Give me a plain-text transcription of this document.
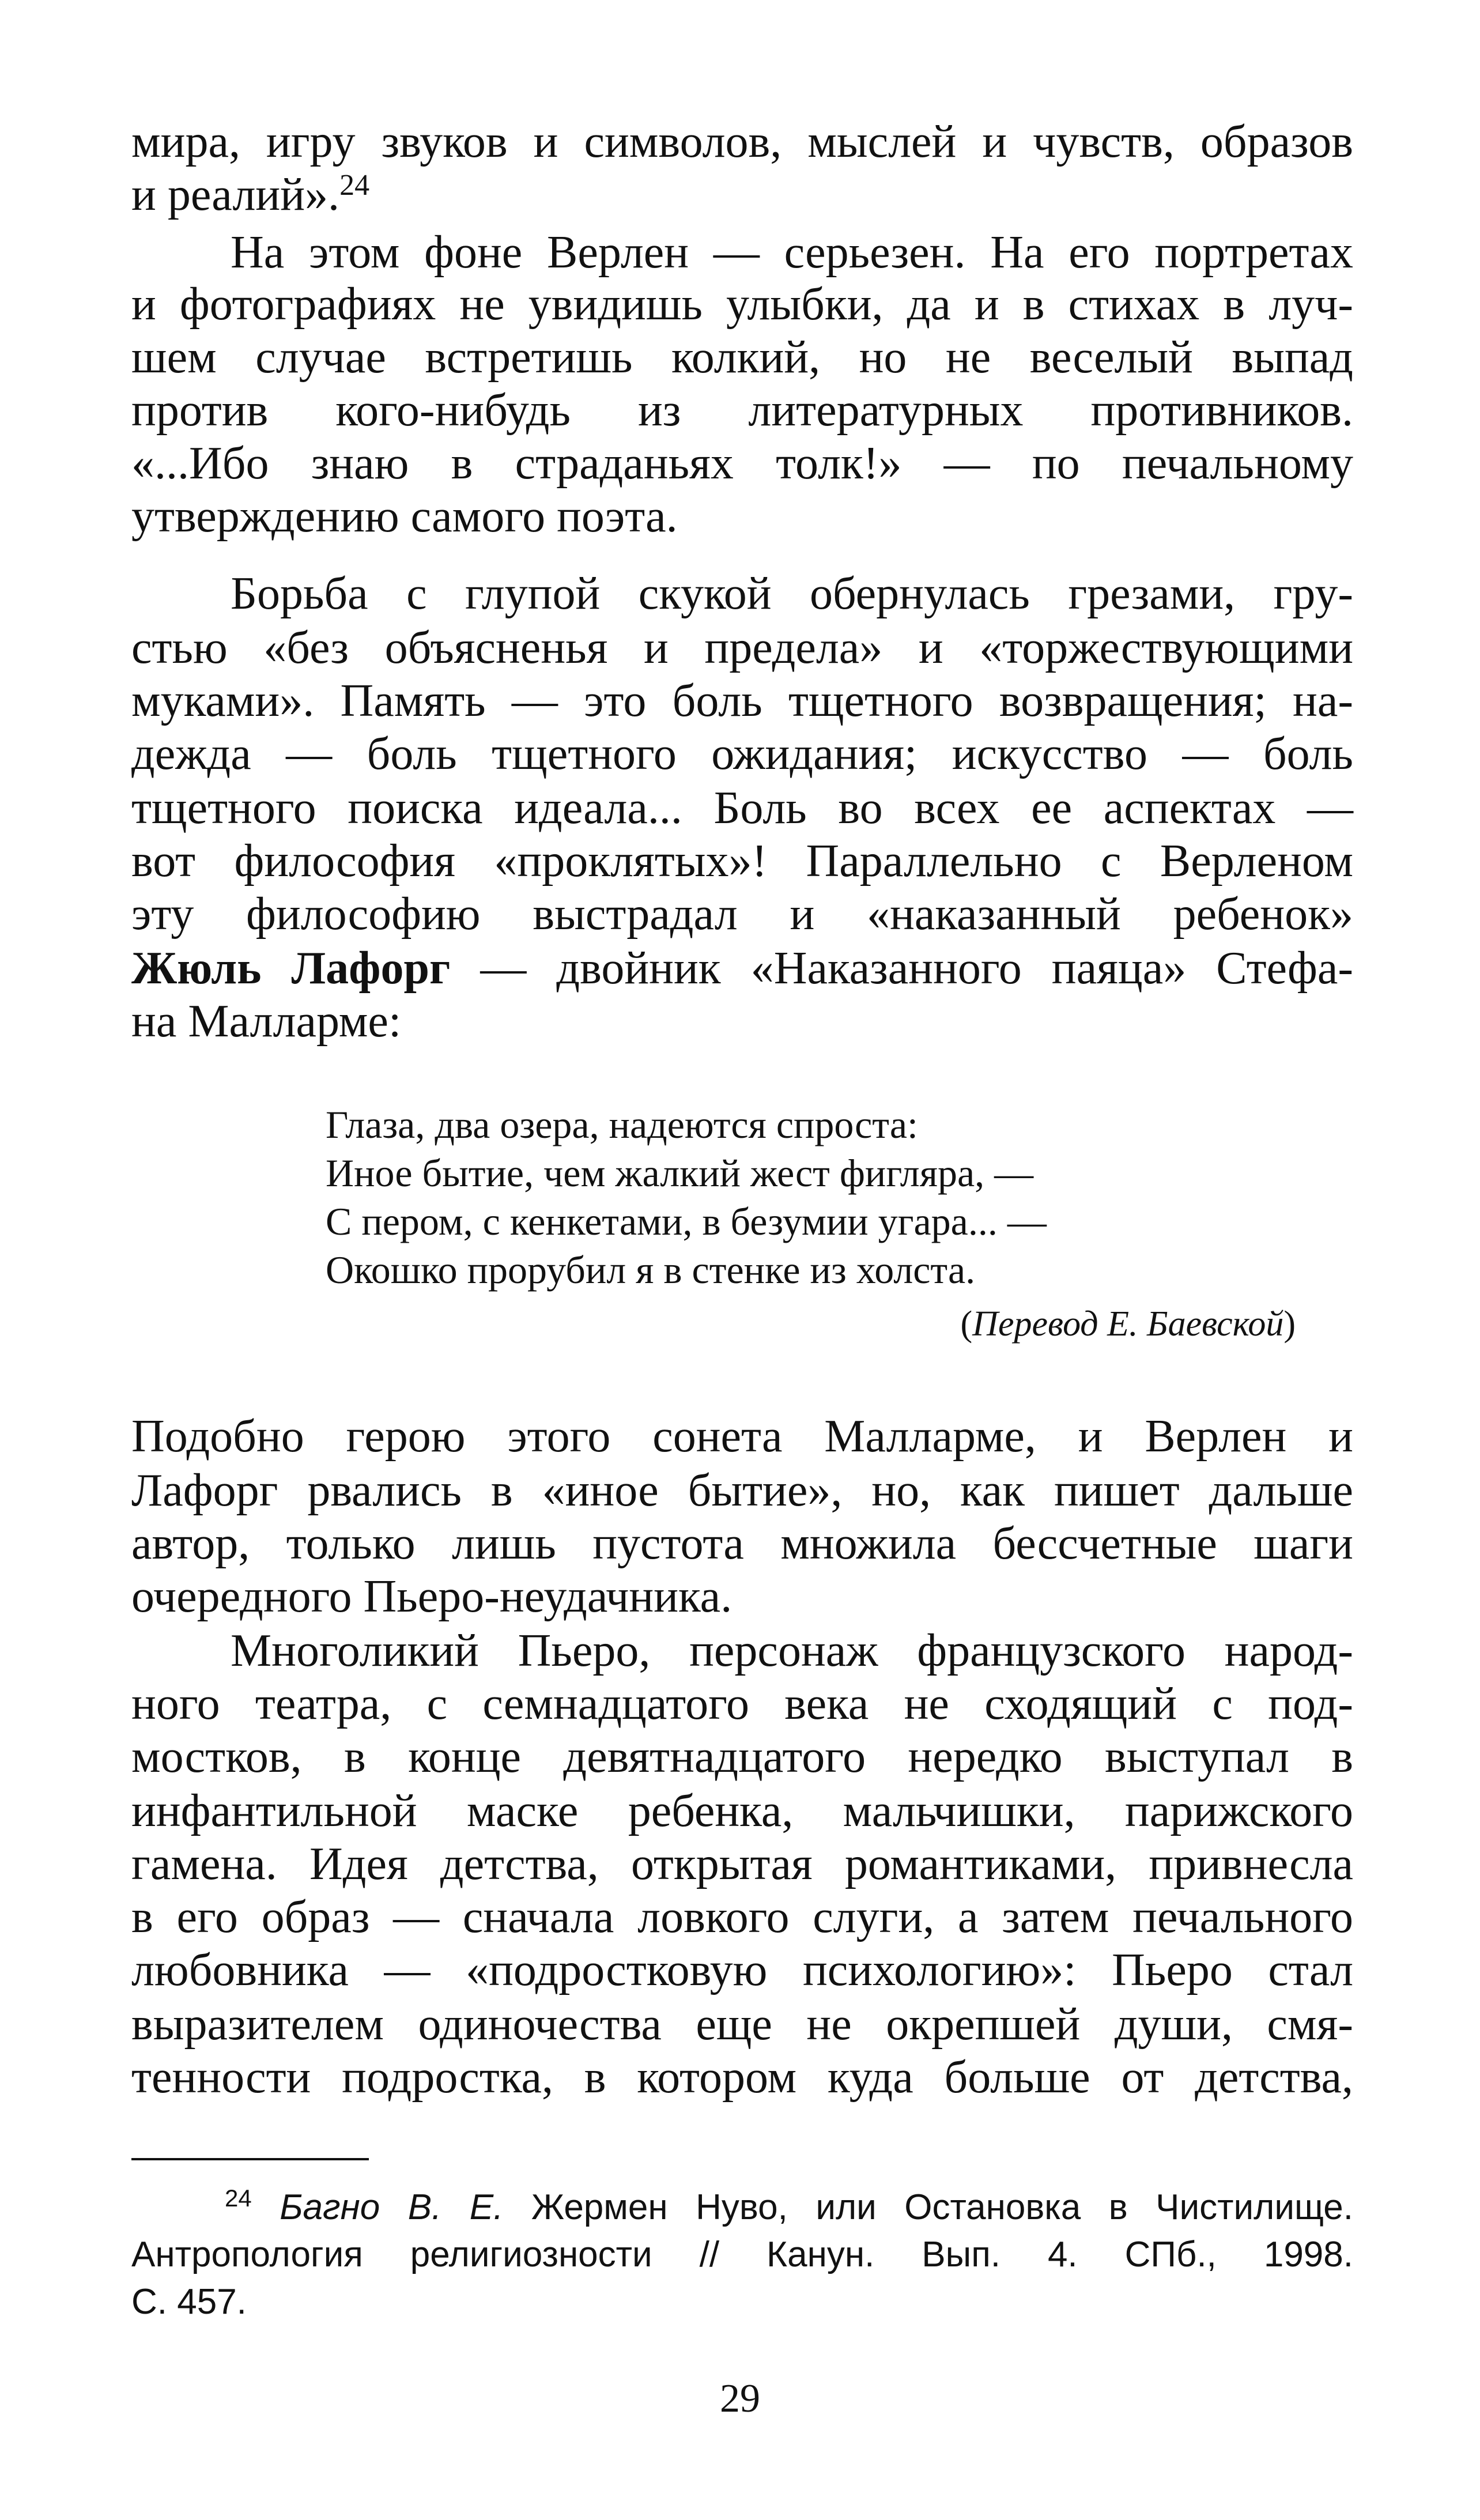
мира, игру звуков и символов, мыслей и чувств, образов
и реалий».$^{24}$
На этом фоне Верлен — серьезен. На его портретах
и фотографиях не увидишь улыбки, да и в стихах в луч-
шем случае встретишь колкий, но не веселый выпад
против кого-нибудь из литературных противников.
«...Ибо знаю в страданьях толк!» — по печальному
утверждению самого поэта.
Борьба с глупой скукой обернулась грезами, гру-
стью «без объясненья и предела» и «торжествующими
муками». Память — это боль тщетного возвращения; на-
дежда — боль тщетного ожидания; искусство — боль
тщетного поиска идеала... Боль во всех ее аспектах —
вот философия «проклятых»! Параллельно с Верленом
эту философию выстрадал и «наказанный ребенок»
Жюль Лафорг — двойник «Наказанного паяца» Стефа-
на Малларме:
Глаза, два озера, надеются спроста:
Иное бытие, чем жалкий жест фигляра, —
С пером, с кенкетами, в безумии угара... —
Окошко прорубил я в стенке из холста.
(Перевод Е. Баевской)
Подобно герою этого сонета Малларме, и Верлен и
Лафорг рвались в «иное бытие», но, как пишет дальше
автор, только лишь пустота множила бессчетные шаги
очередного Пьеро-неудачника.
Многоликий Пьеро, персонаж французского народ-
ного театра, с семнадцатого века не сходящий с под-
мостков, в конце девятнадцатого нередко выступал в
инфантильной маске ребенка, мальчишки, парижского
гамена. Идея детства, открытая романтиками, привнесла
в его образ — сначала ловкого слуги, а затем печального
любовника — «подростковую психологию»: Пьеро стал
выразителем одиночества еще не окрепшей души, смя-
тенности подростка, в котором куда больше от детства,
$^{24}$ Багно В. Е. Жермен Нуво, или Остановка в Чистилище.
Антропология религиозности // Канун. Вып. 4. СПб., 1998.
С. 457.
29
